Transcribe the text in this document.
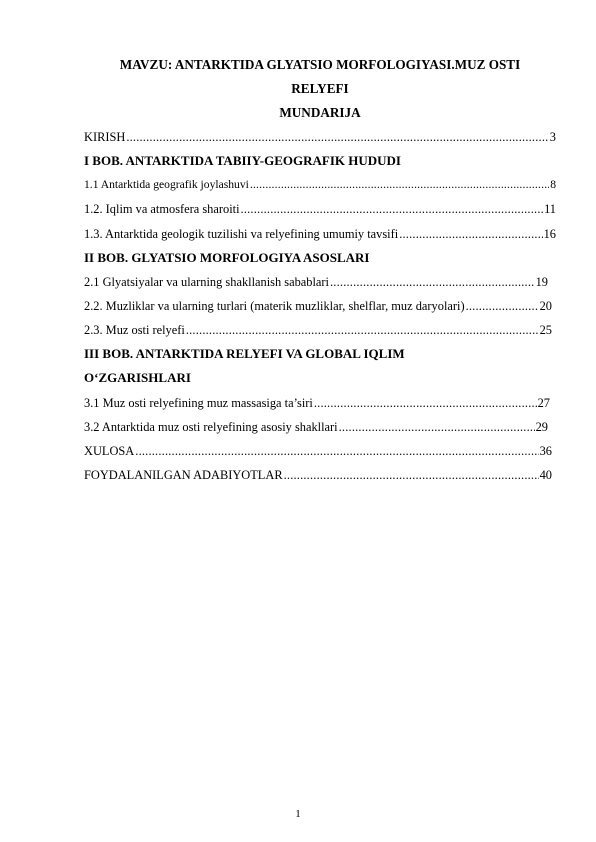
MAVZU: ANTARKTIDA GLYATSIO MORFOLOGIYASI.MUZ OSTI
RELYEFI
MUNDARIJA
KIRISH .....	3
I BOB. ANTARKTIDA TABIIY-GEOGRAFIK HUDUDI
1.1 Antarktida geografik joylashuvi .....	8
1.2. Iqlim va atmosfera sharoiti .....	11
1.3. Antarktida geologik tuzilishi va relyefining umumiy tavsifi .....	16
II BOB. GLYATSIO MORFOLOGIYA ASOSLARI
2.1 Glyatsiyalar va ularning shakllanish sabablari .....	19
2.2. Muzliklar va ularning turlari (materik muzliklar, shelflar, muz daryolari) .....	20
2.3. Muz osti relyefi .....	25
III BOB. ANTARKTIDA RELYEFI VA GLOBAL IQLIM
O‘ZGARISHLARI
3.1 Muz osti relyefining muz massasiga ta’siri .....	27
3.2 Antarktida muz osti relyefining asosiy shakllari .....	29
XULOSA .....	36
FOYDALANILGAN ADABIYOTLAR .....	40
1
